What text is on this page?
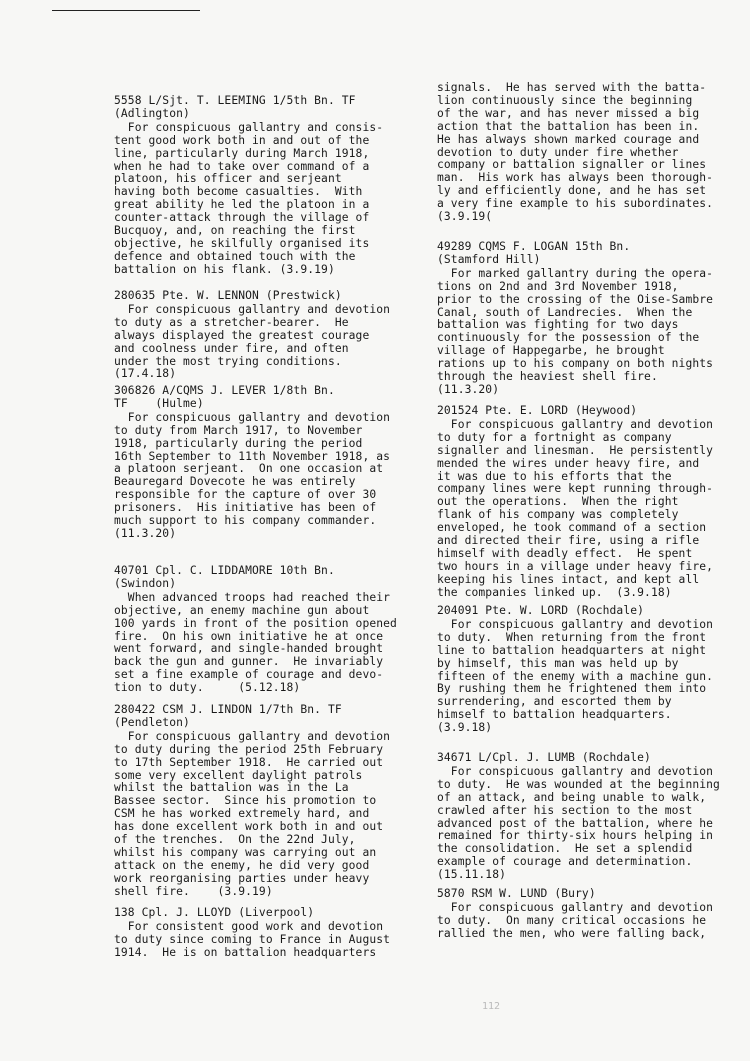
5558 L/Sjt. T. LEEMING 1/5th Bn. TF
(Adlington)

For conspicuous gallantry and consis-
tent good work both in and out of the
line, particularly during March 1918,
when he had to take over command of a
platoon, his officer and serjeant
having both become casualties.  With
great ability he led the platoon in a
counter-attack through the village of
Bucquoy, and, on reaching the first
objective, he skilfully organised its
defence and obtained touch with the
battalion on his flank. (3.9.19)

280635 Pte. W. LENNON (Prestwick)

For conspicuous gallantry and devotion
to duty as a stretcher-bearer.  He
always displayed the greatest courage
and coolness under fire, and often
under the most trying conditions.
(17.4.18)

306826 A/CQMS J. LEVER 1/8th Bn.
TF    (Hulme)

For conspicuous gallantry and devotion
to duty from March 1917, to November
1918, particularly during the period
16th September to 11th November 1918, as
a platoon serjeant.  On one occasion at
Beauregard Dovecote he was entirely
responsible for the capture of over 30
prisoners.  His initiative has been of
much support to his company commander.
(11.3.20)

40701 Cpl. C. LIDDAMORE 10th Bn.
(Swindon)

When advanced troops had reached their
objective, an enemy machine gun about
100 yards in front of the position opened
fire.  On his own initiative he at once
went forward, and single-handed brought
back the gun and gunner.  He invariably
set a fine example of courage and devo-
tion to duty.     (5.12.18)

280422 CSM J. LINDON 1/7th Bn. TF
(Pendleton)

For conspicuous gallantry and devotion
to duty during the period 25th February
to 17th September 1918.  He carried out
some very excellent daylight patrols
whilst the battalion was in the La
Bassee sector.  Since his promotion to
CSM he has worked extremely hard, and
has done excellent work both in and out
of the trenches.  On the 22nd July,
whilst his company was carrying out an
attack on the enemy, he did very good
work reorganising parties under heavy
shell fire.    (3.9.19)

138 Cpl. J. LLOYD (Liverpool)

For consistent good work and devotion
to duty since coming to France in August
1914.  He is on battalion headquarters

signals.  He has served with the batta-
lion continuously since the beginning
of the war, and has never missed a big
action that the battalion has been in.
He has always shown marked courage and
devotion to duty under fire whether
company or battalion signaller or lines
man.  His work has always been thorough-
ly and efficiently done, and he has set
a very fine example to his subordinates.
(3.9.19(

49289 CQMS F. LOGAN 15th Bn.
(Stamford Hill)

For marked gallantry during the opera-
tions on 2nd and 3rd November 1918,
prior to the crossing of the Oise-Sambre
Canal, south of Landrecies.  When the
battalion was fighting for two days
continuously for the possession of the
village of Happegarbe, he brought
rations up to his company on both nights
through the heaviest shell fire.
(11.3.20)

201524 Pte. E. LORD (Heywood)

For conspicuous gallantry and devotion
to duty for a fortnight as company
signaller and linesman.  He persistently
mended the wires under heavy fire, and
it was due to his efforts that the
company lines were kept running through-
out the operations.  When the right
flank of his company was completely
enveloped, he took command of a section
and directed their fire, using a rifle
himself with deadly effect.  He spent
two hours in a village under heavy fire,
keeping his lines intact, and kept all
the companies linked up.  (3.9.18)

204091 Pte. W. LORD (Rochdale)

For conspicuous gallantry and devotion
to duty.  When returning from the front
line to battalion headquarters at night
by himself, this man was held up by
fifteen of the enemy with a machine gun.
By rushing them he frightened them into
surrendering, and escorted them by
himself to battalion headquarters.
(3.9.18)

34671 L/Cpl. J. LUMB (Rochdale)

For conspicuous gallantry and devotion
to duty.  He was wounded at the beginning
of an attack, and being unable to walk,
crawled after his section to the most
advanced post of the battalion, where he
remained for thirty-six hours helping in
the consolidation.  He set a splendid
example of courage and determination.
(15.11.18)

5870 RSM W. LUND (Bury)

For conspicuous gallantry and devotion
to duty.  On many critical occasions he
rallied the men, who were falling back,

112
